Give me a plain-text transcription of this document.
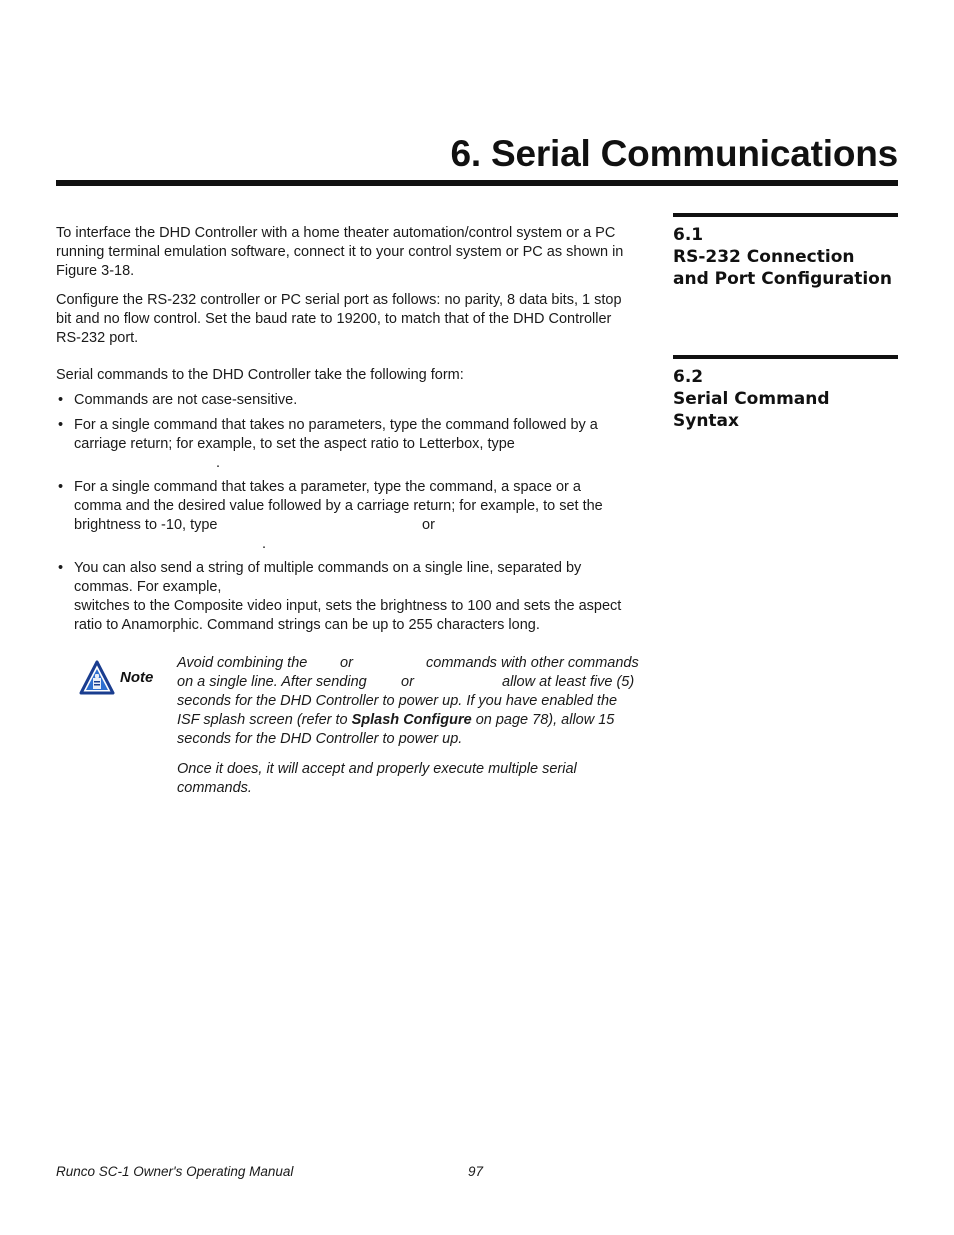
6. Serial Communications
6.1
RS-232 Connection
and Port Configuration
6.2
Serial Command
Syntax

To interface the DHD Controller with a home theater automation/control system or a PC

running terminal emulation software, connect it to your control system or PC as shown in

Figure 3-18.

Configure the RS-232 controller or PC serial port as follows: no parity, 8 data bits, 1 stop

bit and no flow control. Set the baud rate to 19200, to match that of the DHD Controller

RS-232 port.

Serial commands to the DHD Controller take the following form:

• Commands are not case-sensitive.
• For a single command that takes no parameters, type the command followed by a
carriage return; for example, to set the aspect ratio to Letterbox, type
.
• For a single command that takes a parameter, type the command, a space or a
comma and the desired value followed by a carriage return; for example, to set the
brightness to -10, type	or
.
• You can also send a string of multiple commands on a single line, separated by
commas. For example,
switches to the Composite video input, sets the brightness to 100 and sets the aspect
ratio to Anamorphic. Command strings can be up to 255 characters long.
Note
Avoid combining the or	commands with other commands
on a single line. After sending or	allow at least five (5)
seconds for the DHD Controller to power up. If you have enabled the
ISF splash screen (refer to Splash Configure on page 78), allow 15
seconds for the DHD Controller to power up.
Once it does, it will accept and properly execute multiple serial
commands.
Runco SC-1 Owner's Operating Manual	97
